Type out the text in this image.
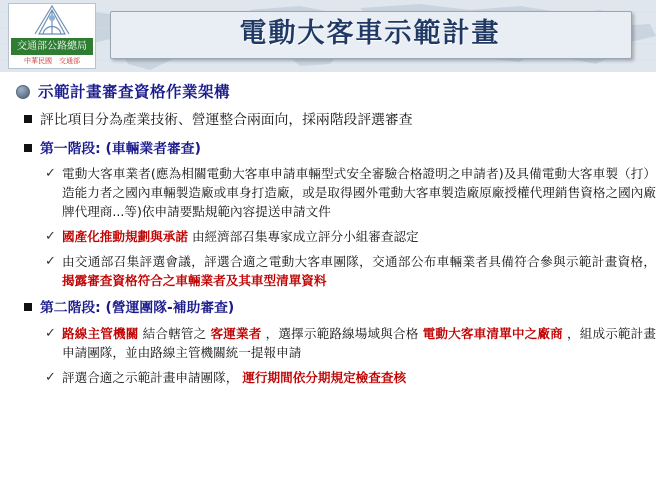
交通部公路總局
中華民國　交通部
電動大客車示範計畫
示範計畫審查資格作業架構
評比項目分為產業技術、營運整合兩面向，採兩階段評選審查
第一階段: (車輛業者審查)
✓ 電動大客車業者(應為相關電動大客車申請車輛型式安全審驗合格證明之申請者)及具備電動大客車製（打）造能力者之國內車輛製造廠或車身打造廠，或是取得國外電動大客車製造廠原廠授權代理銷售資格之國內廠牌代理商...等)依申請要點規範內容提送申請文件
✓ 國產化推動規劃與承諾 由經濟部召集專家成立評分小組審查認定
✓ 由交通部召集評選會議，評選合適之電動大客車團隊，交通部公布車輛業者具備符合參與示範計畫資格， 揭露審查資格符合之車輛業者及其車型清單資料
第二階段: (營運團隊-補助審查)
✓ 路線主管機關 結合轄管之 客運業者 ，選擇示範路線場域與合格 電動大客車清單中之廠商 ，組成示範計畫申請團隊，並由路線主管機關統一提報申請
✓ 評選合適之示範計畫申請團隊， 運行期間依分期規定檢查查核
